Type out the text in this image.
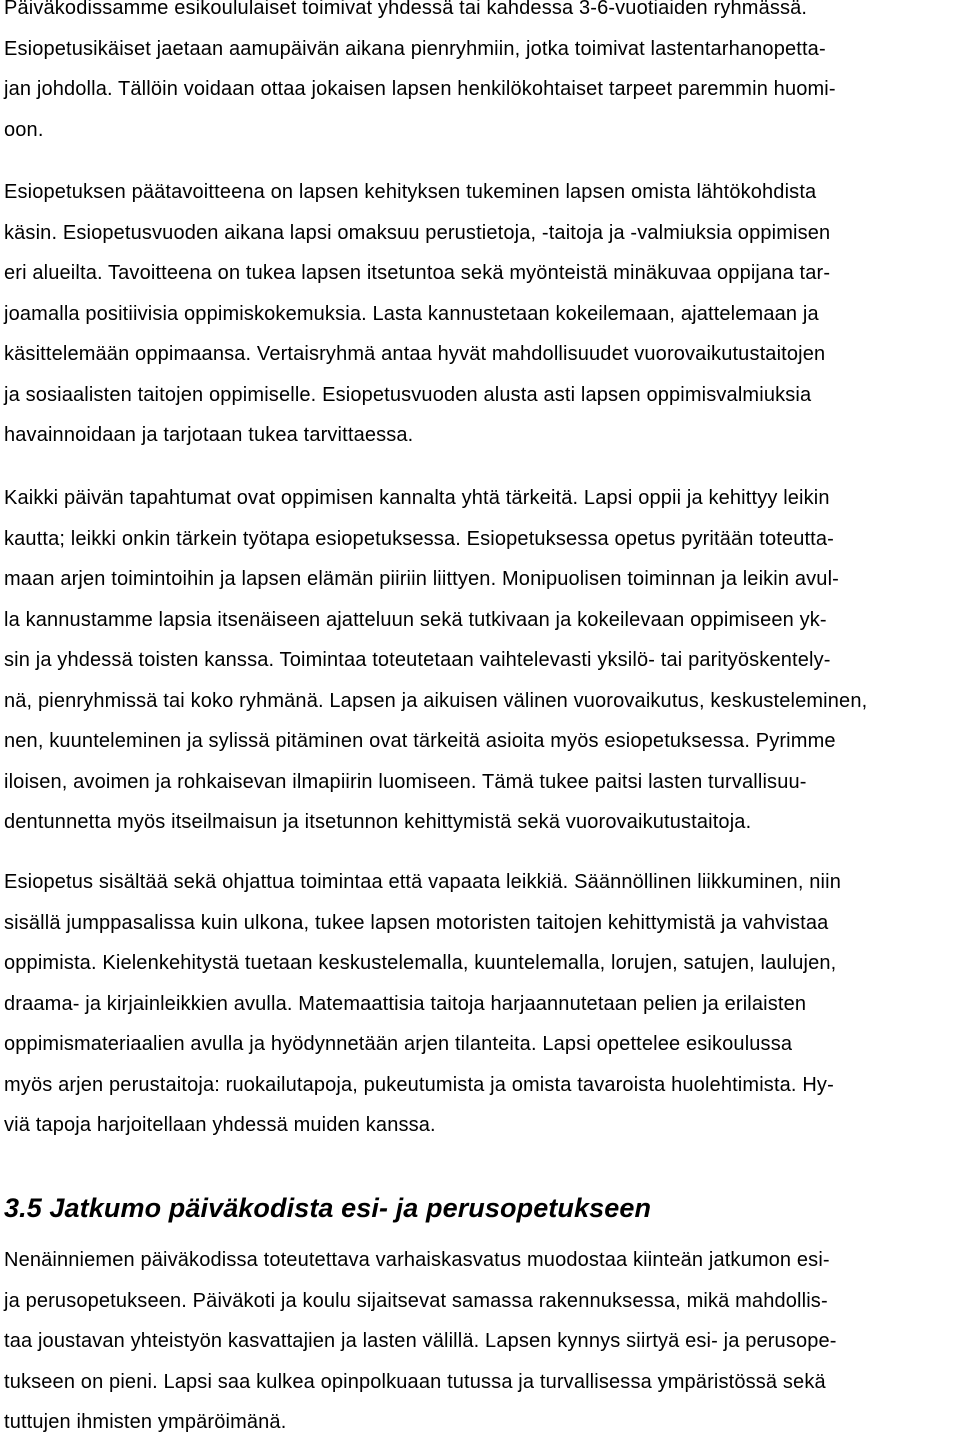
Päiväkodissamme esikoululaiset toimivat yhdessä tai kahdessa 3-6-vuotiaiden ryhmässä.
Esiopetusikäiset jaetaan aamupäivän aikana pienryhmiin, jotka toimivat lastentarhanopetta-
jan johdolla. Tällöin voidaan ottaa jokaisen lapsen henkilökohtaiset tarpeet paremmin huomi-
oon.

Esiopetuksen päätavoitteena on lapsen kehityksen tukeminen lapsen omista lähtökohdista
käsin. Esiopetusvuoden aikana lapsi omaksuu perustietoja, -taitoja ja -valmiuksia oppimisen
eri alueilta. Tavoitteena on tukea lapsen itsetuntoa sekä myönteistä minäkuvaa oppijana tar-
joamalla positiivisia oppimiskokemuksia. Lasta kannustetaan kokeilemaan, ajattelemaan ja
käsittelemään oppimaansa. Vertaisryhmä antaa hyvät mahdollisuudet vuorovaikutustaitojen
ja sosiaalisten taitojen oppimiselle. Esiopetusvuoden alusta asti lapsen oppimisvalmiuksia
havainnoidaan ja tarjotaan tukea tarvittaessa.

Kaikki päivän tapahtumat ovat oppimisen kannalta yhtä tärkeitä. Lapsi oppii ja kehittyy leikin
kautta; leikki onkin tärkein työtapa esiopetuksessa. Esiopetuksessa opetus pyritään toteutta-
maan arjen toimintoihin ja lapsen elämän piiriin liittyen. Monipuolisen toiminnan ja leikin avul-
la kannustamme lapsia itsenäiseen ajatteluun sekä tutkivaan ja kokeilevaan oppimiseen yk-
sin ja yhdessä toisten kanssa. Toimintaa toteutetaan vaihtelevasti yksilö- tai parityöskentely-
nä, pienryhmissä tai koko ryhmänä. Lapsen ja aikuisen välinen vuorovaikutus, keskusteleminen,
nen, kuunteleminen ja sylissä pitäminen ovat tärkeitä asioita myös esiopetuksessa. Pyrimme
iloisen, avoimen ja rohkaisevan ilmapiirin luomiseen. Tämä tukee paitsi lasten turvallisuu-
dentunnetta myös itseilmaisun ja itsetunnon kehittymistä sekä vuorovaikutustaitoja.

Esiopetus sisältää sekä ohjattua toimintaa että vapaata leikkiä. Säännöllinen liikkuminen, niin
sisällä jumppasalissa kuin ulkona, tukee lapsen motoristen taitojen kehittymistä ja vahvistaa
oppimista. Kielenkehitystä tuetaan keskustelemalla, kuuntelemalla, lorujen, satujen, laulujen,
draama- ja kirjainleikkien avulla. Matemaattisia taitoja harjaannutetaan pelien ja erilaisten
oppimismateriaalien avulla ja hyödynnetään arjen tilanteita. Lapsi opettelee esikoulussa
myös arjen perustaitoja: ruokailutapoja, pukeutumista ja omista tavaroista huolehtimista. Hy-
viä tapoja harjoitellaan yhdessä muiden kanssa.

3.5 Jatkumo päiväkodista esi- ja perusopetukseen

Nenäinniemen päiväkodissa toteutettava varhaiskasvatus muodostaa kiinteän jatkumon esi-
ja perusopetukseen. Päiväkoti ja koulu sijaitsevat samassa rakennuksessa, mikä mahdollis-
taa joustavan yhteistyön kasvattajien ja lasten välillä. Lapsen kynnys siirtyä esi- ja perusope-
tukseen on pieni. Lapsi saa kulkea opinpolkuaan tutussa ja turvallisessa ympäristössä sekä
tuttujen ihmisten ympäröimänä.
